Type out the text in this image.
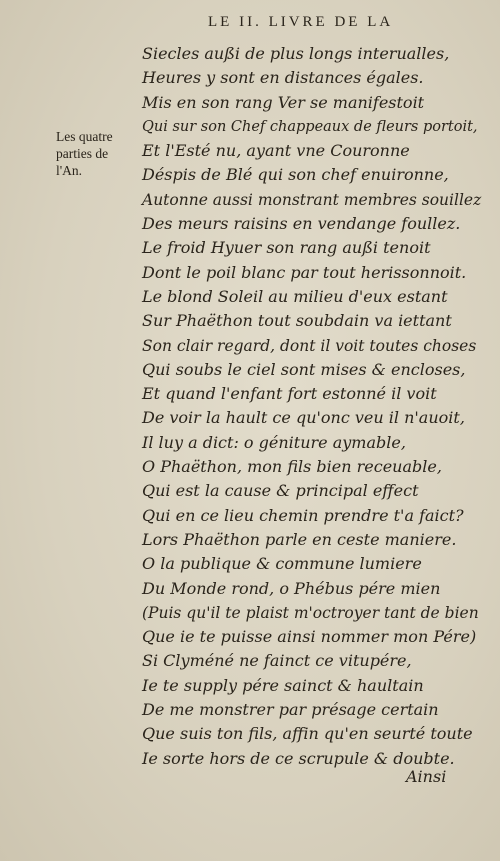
LE II. LIVRE DE LA
Les quatre
parties de
l'An.
Siecles außi de plus longs interualles,
Heures y sont en distances égales.
Mis en son rang Ver se manifestoit
Qui sur son Chef chappeaux de fleurs portoit,
Et l'Esté nu, ayant vne Couronne
Déspis de Blé qui son chef enuironne,
Autonne aussi monstrant membres souillez
Des meurs raisins en vendange foullez.
Le froid Hyuer son rang außi tenoit
Dont le poil blanc par tout herissonnoit.
Le blond Soleil au milieu d'eux estant
Sur Phaëthon tout soubdain va iettant
Son clair regard, dont il voit toutes choses
Qui soubs le ciel sont mises & encloses,
Et quand l'enfant fort estonné il voit
De voir la hault ce qu'onc veu il n'auoit,
Il luy a dict: o géniture aymable,
O Phaëthon, mon fils bien receuable,
Qui est la cause & principal effect
Qui en ce lieu chemin prendre t'a faict?
Lors Phaëthon parle en ceste maniere.
O la publique & commune lumiere
Du Monde rond, o Phébus pére mien
(Puis qu'il te plaist m'octroyer tant de bien
Que ie te puisse ainsi nommer mon Pére)
Si Clyméné ne fainct ce vitupére,
Ie te supply pére sainct & haultain
De me monstrer par présage certain
Que suis ton fils, affin qu'en seurté toute
Ie sorte hors de ce scrupule & doubte.
Ainsi
